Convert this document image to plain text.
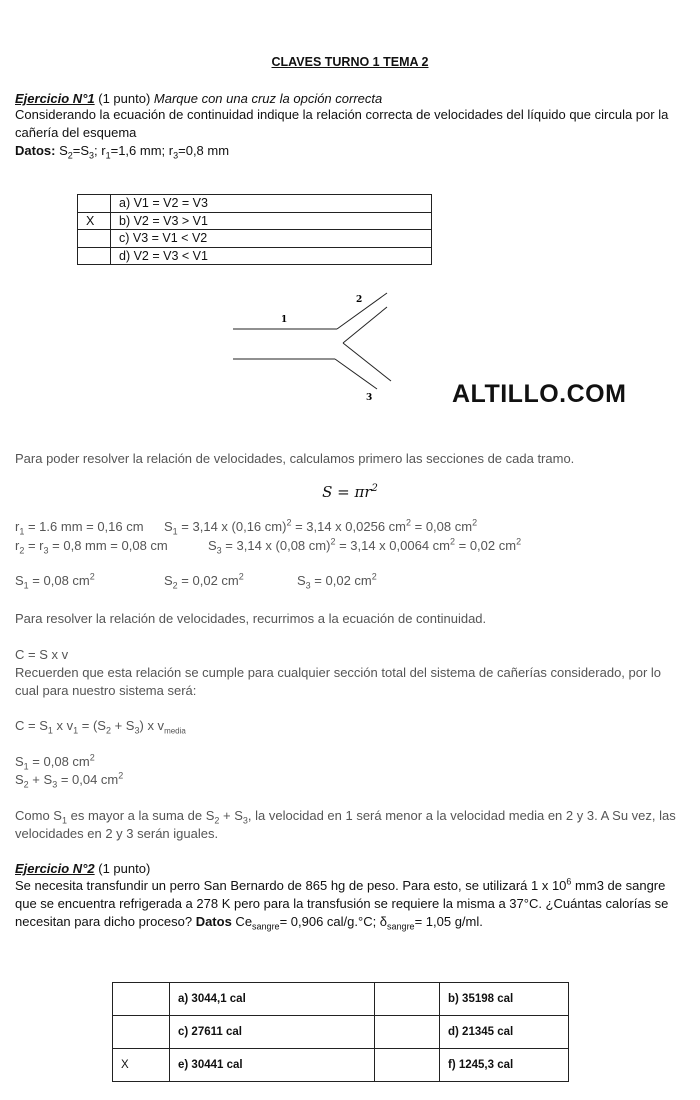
CLAVES TURNO 1 TEMA 2
Ejercicio N°1 (1 punto) Marque con una cruz la opción correcta
Considerando la ecuación de continuidad indique la relación correcta de velocidades del líquido que circula por la cañería del esquema
Datos: $S_2=S_3$; $r_1=1,6$ mm; $r_3=0,8$ mm
	a) V1 = V2 = V3
X	b) V2 = V3 > V1
	c) V3 = V1 < V2
	d) V2 = V3 < V1
1
2
3	ALTILLO.COM
Para poder resolver la relación de velocidades, calculamos primero las secciones de cada tramo.
$S = \pi r^2$
$r_1 = 1.6$ mm = 0,16 cm $S_1 = 3,14$ x (0,16 cm)$^2$ = 3,14 x 0,0256 $cm^2 = 0,08$ $cm^2$
$r_2 = r_3 = 0,8$ mm = 0,08 cm	$S_3 = 3,14$ x (0,08 cm)$^2$ = 3,14 x 0,0064 $cm^2 = 0,02$ $cm^2$
$S_1 = 0,08$ $cm^2$	$S_2 = 0,02$ $cm^2$	$S_3 = 0,02$ $cm^2$
Para resolver la relación de velocidades, recurrimos a la ecuación de continuidad.
C = S x v
Recuerden que esta relación se cumple para cualquier sección total del sistema de cañerías considerado, por lo cual para nuestro sistema será:
$C = S_1$ x $v_1 = (S_2 + S_3)$ x $v_{media}$
$S_1 = 0,08$ $cm^2$
$S_2 + S_3 = 0,04$ $cm^2$
Como $S_1$ es mayor a la suma de $S_2 + S_3$, la velocidad en 1 será menor a la velocidad media en 2 y 3. A Su vez, las velocidades en 2 y 3 serán iguales.
Ejercicio N°2 (1 punto)
Se necesita transfundir un perro San Bernardo de 865 hg de peso. Para esto, se utilizará 1 x $10^6$ mm3 de sangre que se encuentra refrigerada a 278 K pero para la transfusión se requiere la misma a 37°C. ¿Cuántas calorías se necesitan para dicho proceso? Datos $Ce_{sangre}= 0,906$ cal/g.°C; $\delta_{sangre}= 1,05$ g/ml.
	a) 3044,1 cal		b) 35198 cal
	c) 27611 cal		d) 21345 cal
X	e) 30441 cal		f) 1245,3 cal
